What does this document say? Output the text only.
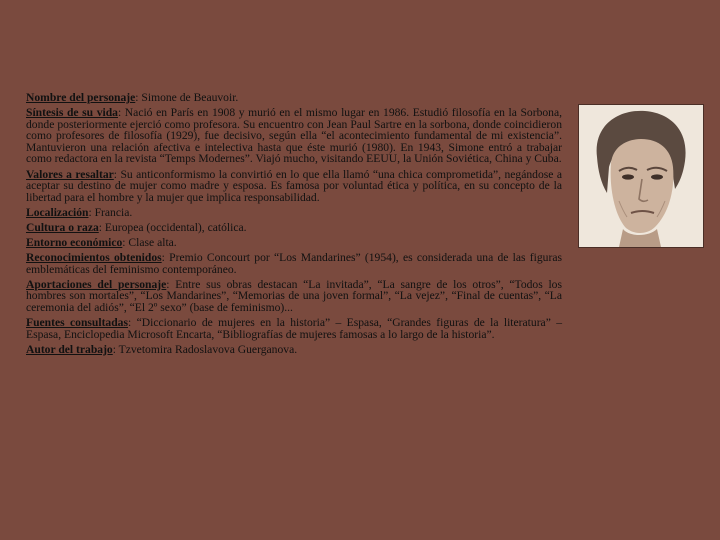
Nombre del personaje: Simone de Beauvoir.

Síntesis de su vida: Nació en París en 1908 y murió en el mismo lugar en 1986. Estudió filosofía en la Sorbona, donde posteriormente ejerció como profesora. Su encuentro con Jean Paul Sartre en la sorbona, donde coincidieron como profesores de filosofía (1929), fue decisivo, según ella “el acontecimiento fundamental de mi existencia”. Mantuvieron una relación afectiva e intelectiva hasta que éste murió (1980). En 1943, Simone entró a trabajar como redactora en la revista “Temps Modernes”. Viajó mucho, visitando EEUU, la Unión Soviética, China y Cuba.

Valores a resaltar: Su anticonformismo la convirtió en lo que ella llamó “una chica comprometida”, negándose a aceptar su destino de mujer como madre y esposa. Es famosa por voluntad ética y política, en su concepto de la libertad para el hombre y la mujer que implica responsabilidad.

Localización: Francia.

Cultura o raza: Europea (occidental), católica.

Entorno económico: Clase alta.

Reconocimientos obtenidos: Premio Concourt por “Los Mandarines” (1954), es considerada una de las figuras emblemáticas del feminismo contemporáneo.

Aportaciones del personaje: Entre sus obras destacan “La invitada”, “La sangre de los otros”, “Todos los hombres son mortales”, “Los Mandarines”, “Memorias de una joven formal”, “La vejez”, “Final de cuentas”, “La ceremonia del adiós”, “El 2º sexo” (base de feminismo)...

Fuentes consultadas: “Diccionario de mujeres en la historia” – Espasa, “Grandes figuras de la literatura” – Espasa, Enciclopedia Microsoft Encarta, “Bibliografías de mujeres famosas a lo largo de la historia”.

Autor del trabajo: Tzvetomira Radoslavova Guerganova.
